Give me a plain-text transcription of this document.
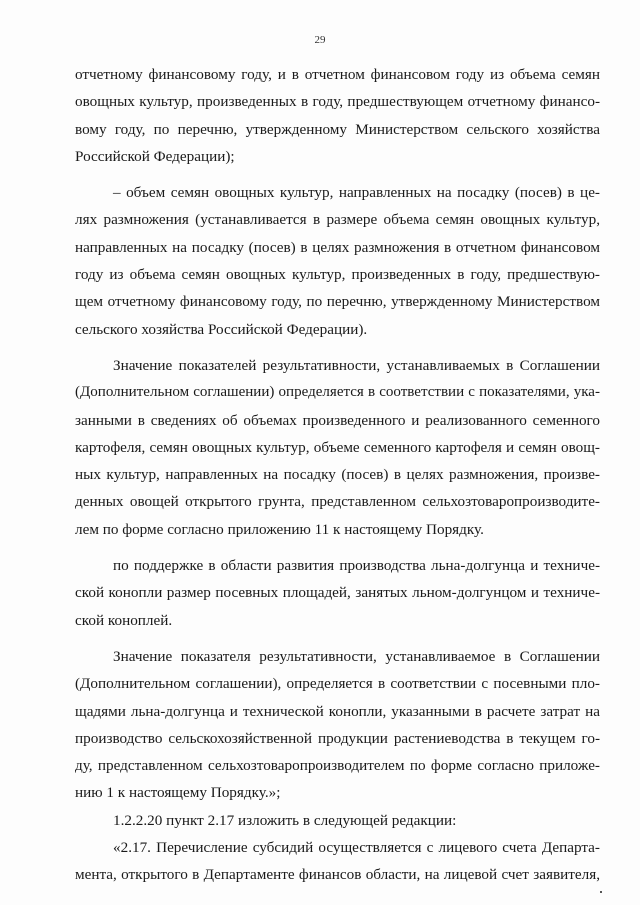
29
отчетному финансовому году, и в отчетном финансовом году из объема семян
овощных культур, произведенных в году, предшествующем отчетному финансо-
вому году, по перечню, утвержденному Министерством сельского хозяйства
Российской Федерации);
– объем семян овощных культур, направленных на посадку (посев) в це-
лях размножения (устанавливается в размере объема семян овощных культур,
направленных на посадку (посев) в целях размножения в отчетном финансовом
году из объема семян овощных культур, произведенных в году, предшествую-
щем отчетному финансовому году, по перечню, утвержденному Министерством
сельского хозяйства Российской Федерации).
Значение показателей результативности, устанавливаемых в Соглашении
(Дополнительном соглашении) определяется в соответствии с показателями, ука-
занными в сведениях об объемах произведенного и реализованного семенного
картофеля, семян овощных культур, объеме семенного картофеля и семян овощ-
ных культур, направленных на посадку (посев) в целях размножения, произве-
денных овощей открытого грунта, представленном сельхозтоваропроизводите-
лем по форме согласно приложению 11 к настоящему Порядку.
по поддержке в области развития производства льна-долгунца и техниче-
ской конопли размер посевных площадей, занятых льном-долгунцом и техниче-
ской коноплей.
Значение показателя результативности, устанавливаемое в Соглашении
(Дополнительном соглашении), определяется в соответствии с посевными пло-
щадями льна-долгунца и технической конопли, указанными в расчете затрат на
производство сельскохозяйственной продукции растениеводства в текущем го-
ду, представленном сельхозтоваропроизводителем по форме согласно приложе-
нию 1 к настоящему Порядку.»;
1.2.2.20 пункт 2.17 изложить в следующей редакции:
«2.17. Перечисление субсидий осуществляется с лицевого счета Департа-
мента, открытого в Департаменте финансов области, на лицевой счет заявителя,
